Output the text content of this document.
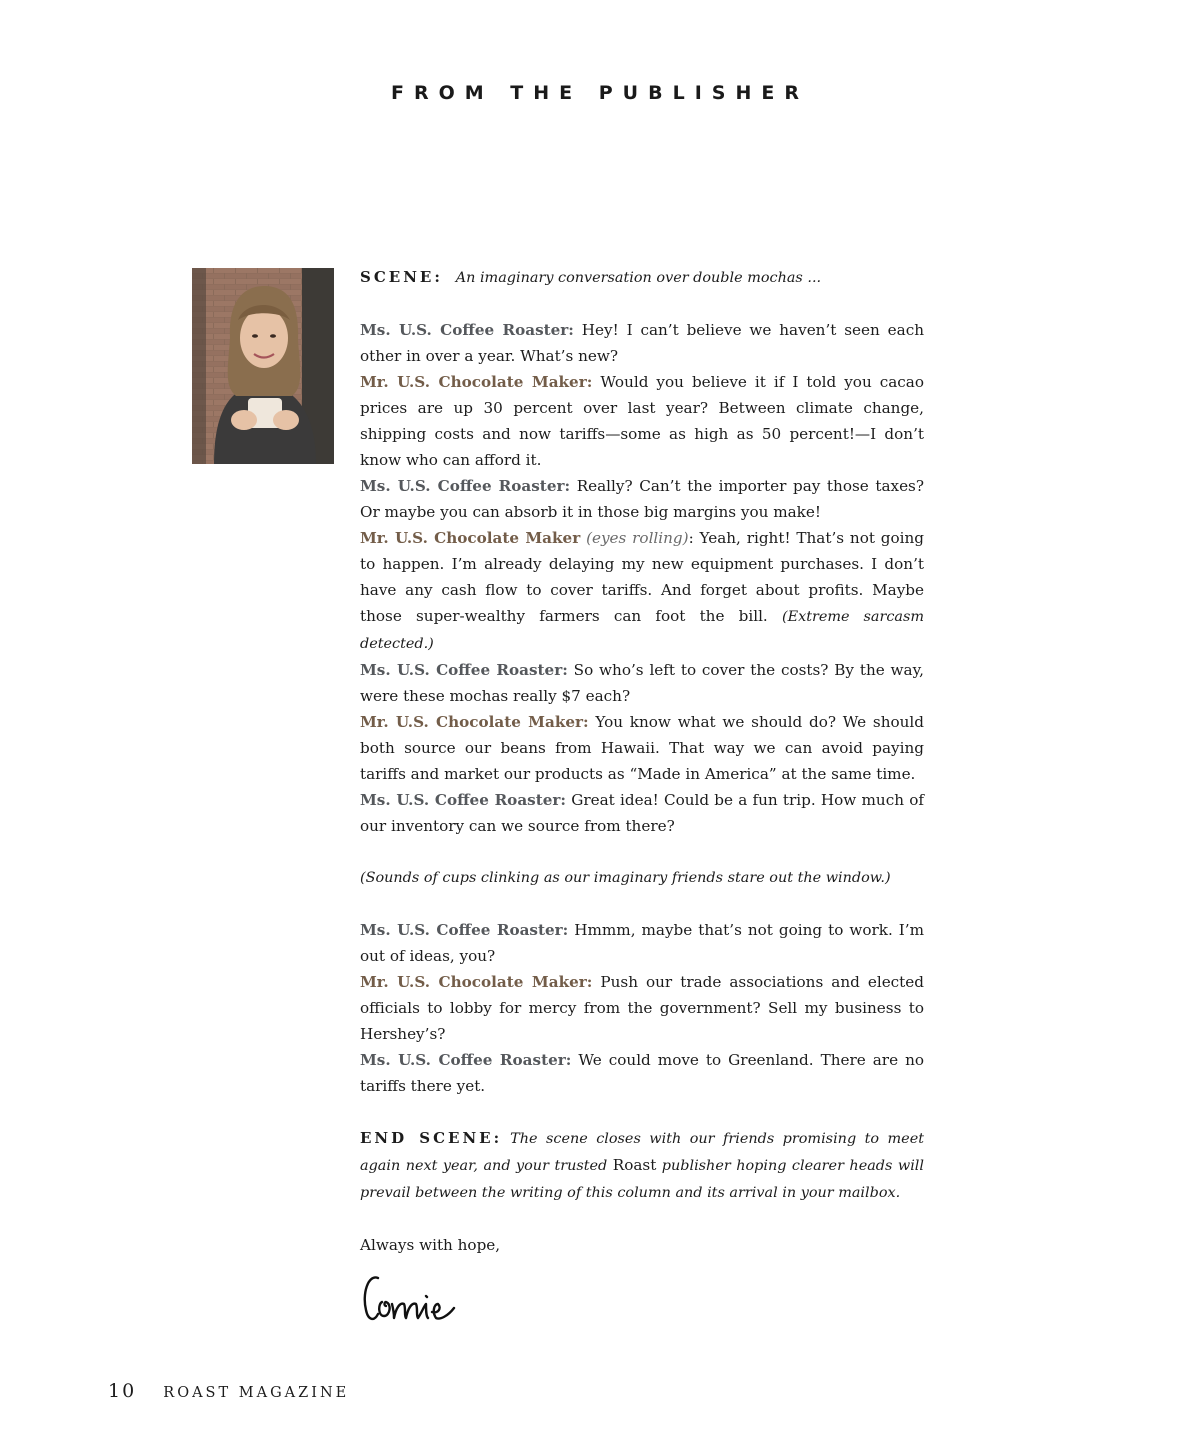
FROM THE PUBLISHER

SCENE: An imaginary conversation over double mochas ...

Ms. U.S. Coffee Roaster: Hey! I can’t believe we haven’t seen each other in over a year. What’s new?

Mr. U.S. Chocolate Maker: Would you believe it if I told you cacao prices are up 30 percent over last year? Between climate change, shipping costs and now tariffs—some as high as 50 percent!—I don’t know who can afford it.

Ms. U.S. Coffee Roaster: Really? Can’t the importer pay those taxes? Or maybe you can absorb it in those big margins you make!

Mr. U.S. Chocolate Maker (eyes rolling): Yeah, right! That’s not going to happen. I’m already delaying my new equipment purchases. I don’t have any cash flow to cover tariffs. And forget about profits. Maybe those super-wealthy farmers can foot the bill. (Extreme sarcasm detected.)

Ms. U.S. Coffee Roaster: So who’s left to cover the costs? By the way, were these mochas really $7 each?

Mr. U.S. Chocolate Maker: You know what we should do? We should both source our beans from Hawaii. That way we can avoid paying tariffs and market our products as “Made in America” at the same time.

Ms. U.S. Coffee Roaster: Great idea! Could be a fun trip. How much of our inventory can we source from there?

(Sounds of cups clinking as our imaginary friends stare out the window.)

Ms. U.S. Coffee Roaster: Hmmm, maybe that’s not going to work. I’m out of ideas, you?

Mr. U.S. Chocolate Maker: Push our trade associations and elected officials to lobby for mercy from the government? Sell my business to Hershey’s?

Ms. U.S. Coffee Roaster: We could move to Greenland. There are no tariffs there yet.

END SCENE: The scene closes with our friends promising to meet again next year, and your trusted Roast publisher hoping clearer heads will prevail between the writing of this column and its arrival in your mailbox.

Always with hope,

10 ROAST MAGAZINE
